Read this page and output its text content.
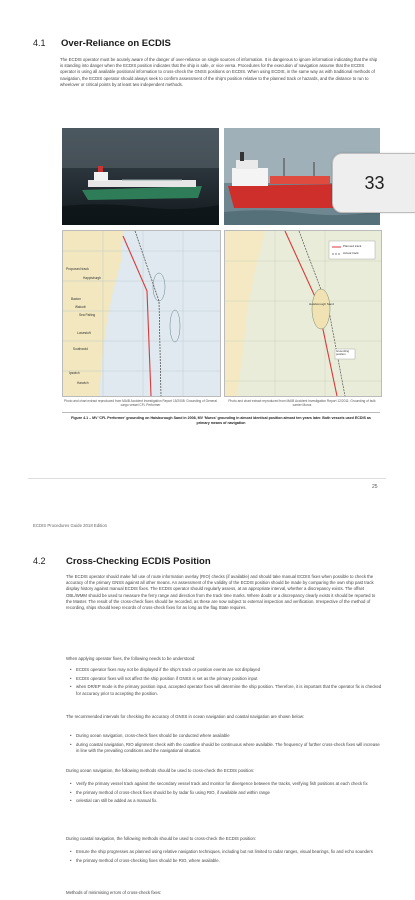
4.1 Over-Reliance on ECDIS
The ECDIS operator must be acutely aware of the danger of over-reliance on single sources of information. It is dangerous to ignore information indicating that the ship is standing into danger when the ECDIS position indicates that the ship is safe, or vice versa. Procedures for the execution of navigation assume that the ECDIS operator is using all available positional information to cross-check the GNSS positions on ECDIS. When using ECDIS, in the same way as with traditional methods of navigation, the ECDIS operator should always seek to confirm assessment of the ship's position relative to the planned track or hazards, and the distance to run to wheelover or critical points by at least two independent methods.
Proposed track
Happisburgh
Bacton
Walcott
Sea Palling
Lowestoft
Southwold
Ipswich
Harwich
Planned track
Actual track
Haisborough Sand
Grounding position
Photo and chart extract reproduced from MAIB Accident Investigation Report 15/2008: Grounding of General cargo vessel CFL Performer
Photo and chart extract reproduced from MAIB Accident Investigation Report 12/2011: Grounding of bulk carrier Muros
Figure 4.1 – MV 'CFL Performer' grounding on Haisborough Sand in 2008, MV 'Muros' grounding in almost identical position almost ten years later. Both vessels used ECDIS as primary means of navigation
25
33
ECDIS Procedures Guide 2018 Edition
4.2 Cross-Checking ECDIS Position
The ECDIS operator should make full use of route information overlay (RIO) checks (if available) and should take manual ECDIS fixes when possible to check the accuracy of the primary GNSS against all other means. An assessment of the validity of the ECDIS position should be made by comparing the own ship past track display history against manual ECDIS fixes. The ECDIS operator should regularly assess, at an appropriate interval, whether a discrepancy exists. The offset OBL/WMM should be used to measure the ferry range and direction from the track time marks. Where doubt or a discrepancy clearly exists it should be reported to the Master. The result of the cross-check fixes should be recorded, as these are now subject to external inspection and verification. Irrespective of the method of recording, ships should keep records of cross-check fixes for as long as the flag State requires.
When applying operator fixes, the following needs to be understood:
• ECDIS operator fixes may not be displayed if the ship's track or position events are not displayed
• ECDIS operator fixes will not affect the ship position if GNSS is set as the primary position input
• when DR/EP mode is the primary position input, accepted operator fixes will determine the ship position. Therefore, it is important that the operator fix is checked for accuracy prior to accepting the position.
The recommended intervals for checking the accuracy of GNSS in ocean navigation and coastal navigation are shown below:
• During ocean navigation, cross-check fixes should be conducted where available
• during coastal navigation, RIO alignment check with the coastline should be continuous where available. The frequency of further cross-check fixes will increase in line with the prevailing conditions and the navigational situation.
During ocean navigation, the following methods should be used to cross-check the ECDIS position:
• Verify the primary vessel track against the secondary vessel track and monitor for divergence between the tracks, verifying fish positions at each check fix
• the primary method of cross-check fixes should be by radar fix using RIO, if available and within range
• celestial can still be added as a manual fix.
During coastal navigation, the following methods should be used to cross-check the ECDIS position:
• Ensure the ship progresses as planned using relative navigation techniques, including but not limited to radar ranges, visual bearings, fix and echo sounders
• the primary method of cross-checking fixes should be RIO, where available.
Methods of minimising errors of cross-check fixes:
